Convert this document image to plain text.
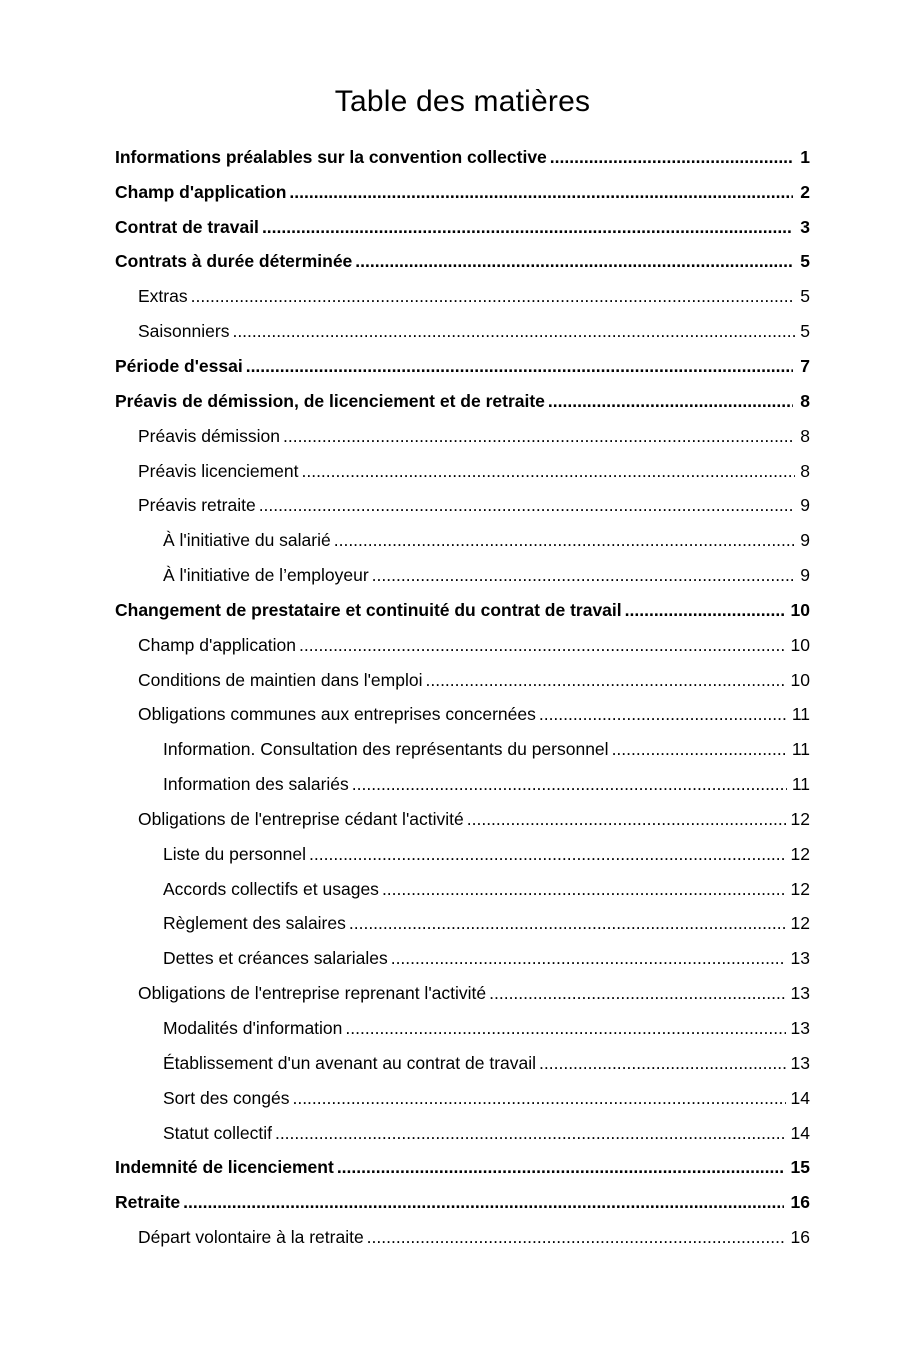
Table des matières
Informations préalables sur la convention collective .....	1
Champ d'application .....	2
Contrat de travail .....	3
Contrats à durée déterminée .....	5
Extras .....	5
Saisonniers .....	5
Période d'essai .....	7
Préavis de démission, de licenciement et de retraite .....	8
Préavis démission .....	8
Préavis licenciement .....	8
Préavis retraite .....	9
À l'initiative du salarié .....	9
À l'initiative de l’employeur .....	9
Changement de prestataire et continuité du contrat de travail .....	10
Champ d'application .....	10
Conditions de maintien dans l'emploi .....	10
Obligations communes aux entreprises concernées .....	11
Information. Consultation des représentants du personnel .....	11
Information des salariés .....	11
Obligations de l'entreprise cédant l'activité .....	12
Liste du personnel .....	12
Accords collectifs et usages .....	12
Règlement des salaires .....	12
Dettes et créances salariales .....	13
Obligations de l'entreprise reprenant l'activité .....	13
Modalités d'information .....	13
Établissement d'un avenant au contrat de travail .....	13
Sort des congés .....	14
Statut collectif .....	14
Indemnité de licenciement .....	15
Retraite .....	16
Départ volontaire à la retraite .....	16
